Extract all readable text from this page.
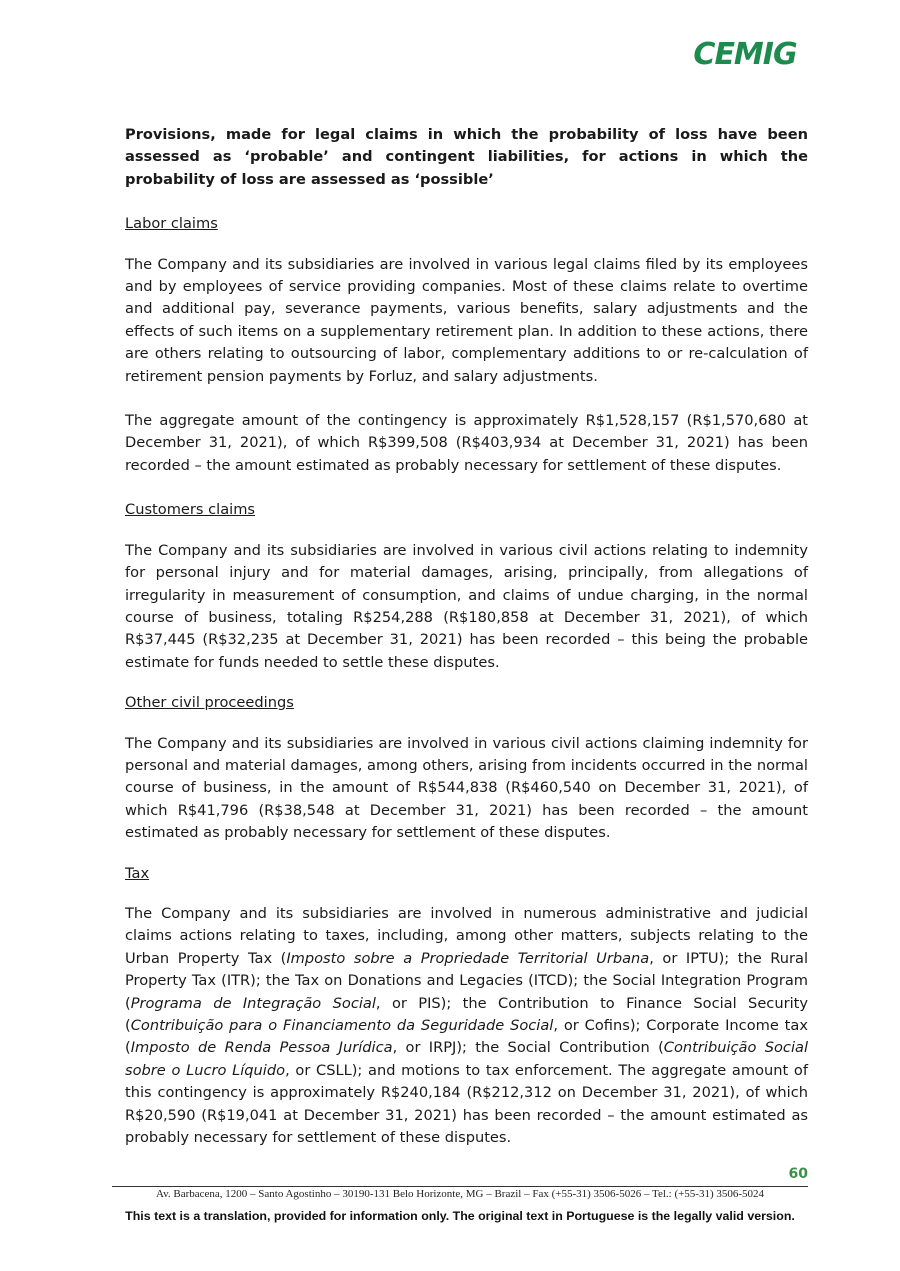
CEMIG

Provisions, made for legal claims in which the probability of loss have been assessed as ‘probable’ and contingent liabilities, for actions in which the probability of loss are assessed as ‘possible’

Labor claims

The Company and its subsidiaries are involved in various legal claims filed by its employees and by employees of service providing companies. Most of these claims relate to overtime and additional pay, severance payments, various benefits, salary adjustments and the effects of such items on a supplementary retirement plan. In addition to these actions, there are others relating to outsourcing of labor, complementary additions to or re-calculation of retirement pension payments by Forluz, and salary adjustments.

The aggregate amount of the contingency is approximately R$1,528,157 (R$1,570,680 at December 31, 2021), of which R$399,508 (R$403,934 at December 31, 2021) has been recorded – the amount estimated as probably necessary for settlement of these disputes.

Customers claims

The Company and its subsidiaries are involved in various civil actions relating to indemnity for personal injury and for material damages, arising, principally, from allegations of irregularity in measurement of consumption, and claims of undue charging, in the normal course of business, totaling R$254,288 (R$180,858 at December 31, 2021), of which R$37,445 (R$32,235 at December 31, 2021) has been recorded – this being the probable estimate for funds needed to settle these disputes.

Other civil proceedings

The Company and its subsidiaries are involved in various civil actions claiming indemnity for personal and material damages, among others, arising from incidents occurred in the normal course of business, in the amount of R$544,838 (R$460,540 on December 31, 2021), of which R$41,796 (R$38,548 at December 31, 2021) has been recorded – the amount estimated as probably necessary for settlement of these disputes.

Tax

The Company and its subsidiaries are involved in numerous administrative and judicial claims actions relating to taxes, including, among other matters, subjects relating to the Urban Property Tax (Imposto sobre a Propriedade Territorial Urbana, or IPTU); the Rural Property Tax (ITR); the Tax on Donations and Legacies (ITCD); the Social Integration Program (Programa de Integração Social, or PIS); the Contribution to Finance Social Security (Contribuição para o Financiamento da Seguridade Social, or Cofins); Corporate Income tax (Imposto de Renda Pessoa Jurídica, or IRPJ); the Social Contribution (Contribuição Social sobre o Lucro Líquido, or CSLL); and motions to tax enforcement. The aggregate amount of this contingency is approximately R$240,184 (R$212,312 on December 31, 2021), of which R$20,590 (R$19,041 at December 31, 2021) has been recorded – the amount estimated as probably necessary for settlement of these disputes.

60
Av. Barbacena, 1200 – Santo Agostinho – 30190-131 Belo Horizonte, MG – Brazil – Fax (+55-31) 3506-5026 – Tel.: (+55-31) 3506-5024
This text is a translation, provided for information only. The original text in Portuguese is the legally valid version.
